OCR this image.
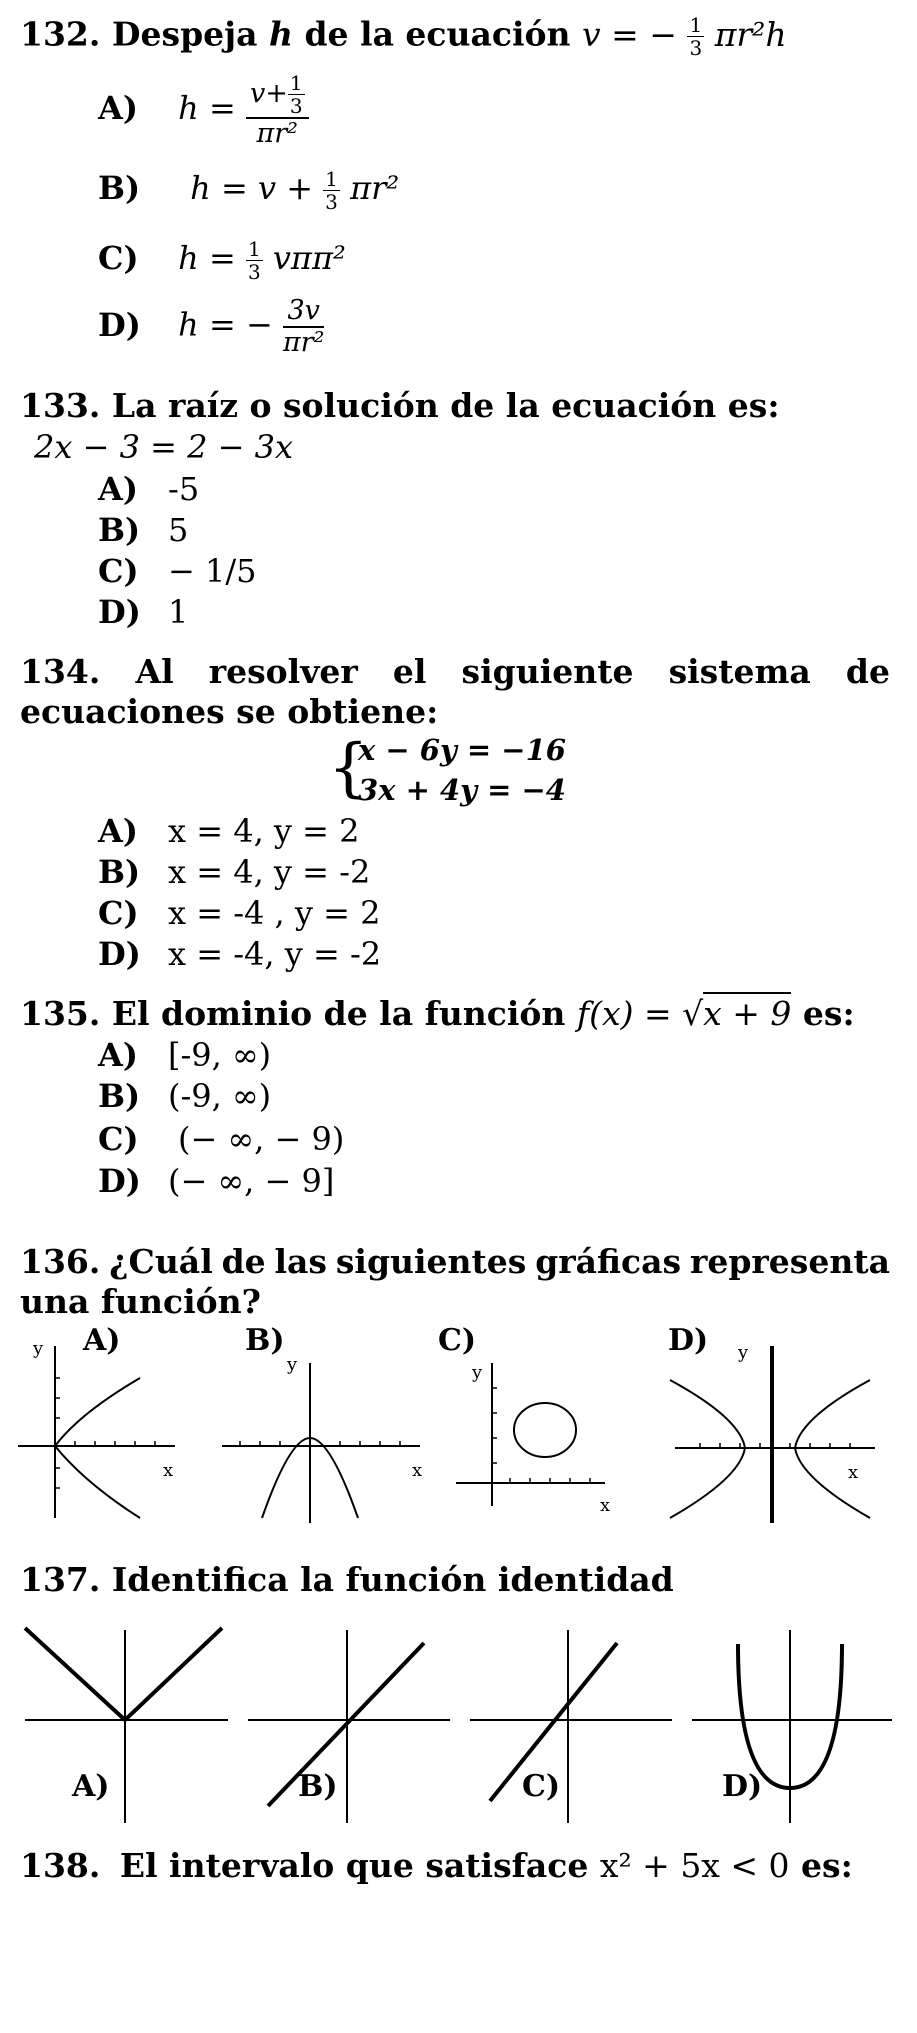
132. Despeja h de la ecuación v = − $\frac{1}{3} \pi r^2h$
A) $h = \frac{v+ \frac{1}{3}}{\text{πr²}}$
B) $h = v + \frac{1}{3} \pi r^2$
C) $h = \frac{1}{3} v\pi\pi^2$
D) h = − $\frac{3v}{\text{πr²}}$
133. La raíz o solución de la ecuación es:
2x − 3 = 2 − 3x
A) -5
B) 5
C) − 1/5
D) 1
134. Al resolver el siguiente sistema de
ecuaciones se obtiene:
{
x − 6y = −16
3x + 4y = −4
A) x = 4, y = 2
B) x = 4, y = -2
C) x = -4 , y = 2
D) x = -4, y = -2
135. El dominio de la función f(x) = √x + 9 es:
A) [-9, ∞)
B) (-9, ∞)
C) (− ∞, − 9)
D) (− ∞, − 9]
136. ¿Cuál de las siguientes gráficas representa
una función?
y
x
y
x
y
x
y
x
A)	B)	C)	D)
137. Identifica la función identidad
A)	B)	C)	D)
138. El intervalo que satisface x² + 5x < 0 es:
